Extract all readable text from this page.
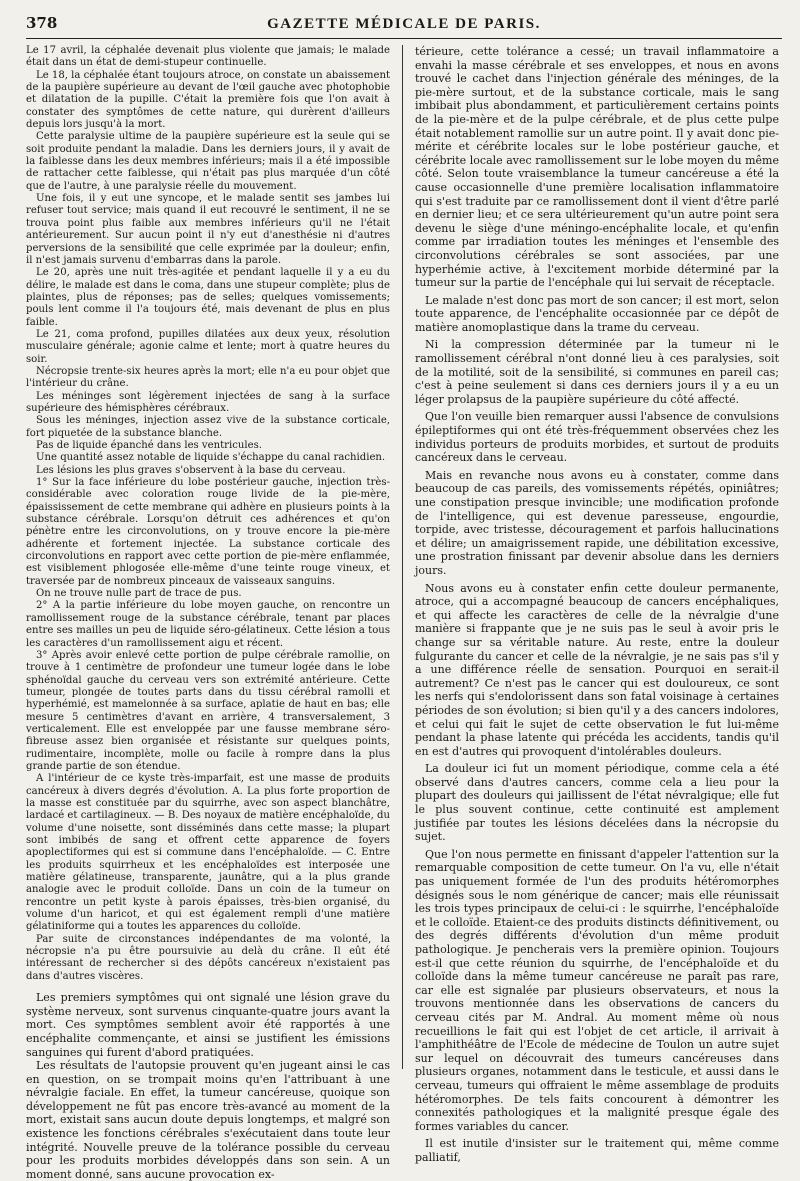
378	GAZETTE MÉDICALE DE PARIS.

Le 17 avril, la céphalée devenait plus violente que jamais; le malade était dans un état de demi-stupeur continuelle.

Le 18, la céphalée étant toujours atroce, on constate un abaissement de la paupière supérieure au devant de l'œil gauche avec photophobie et dilatation de la pupille. C'était la première fois que l'on avait à constater des symptômes de cette nature, qui durèrent d'ailleurs depuis lors jusqu'à la mort.

Cette paralysie ultime de la paupière supérieure est la seule qui se soit produite pendant la maladie. Dans les derniers jours, il y avait de la faiblesse dans les deux membres inférieurs; mais il a été impossible de rattacher cette faiblesse, qui n'était pas plus marquée d'un côté que de l'autre, à une paralysie réelle du mouvement.

Une fois, il y eut une syncope, et le malade sentit ses jambes lui refuser tout service; mais quand il eut recouvré le sentiment, il ne se trouva point plus faible aux membres inférieurs qu'il ne l'était antérieurement. Sur aucun point il n'y eut d'anesthésie ni d'autres perversions de la sensibilité que celle exprimée par la douleur; enfin, il n'est jamais survenu d'embarras dans la parole.

Le 20, après une nuit très-agitée et pendant laquelle il y a eu du délire, le malade est dans le coma, dans une stupeur complète; plus de plaintes, plus de réponses; pas de selles; quelques vomissements; pouls lent comme il l'a toujours été, mais devenant de plus en plus faible.

Le 21, coma profond, pupilles dilatées aux deux yeux, résolution musculaire générale; agonie calme et lente; mort à quatre heures du soir.

Nécropsie trente-six heures après la mort; elle n'a eu pour objet que l'intérieur du crâne.

Les méninges sont légèrement injectées de sang à la surface supérieure des hémisphères cérébraux.

Sous les méninges, injection assez vive de la substance corticale, fort piquetée de la substance blanche.

Pas de liquide épanché dans les ventricules.

Une quantité assez notable de liquide s'échappe du canal rachidien.

Les lésions les plus graves s'observent à la base du cerveau.

1° Sur la face inférieure du lobe postérieur gauche, injection très-considérable avec coloration rouge livide de la pie-mère, épaississement de cette membrane qui adhère en plusieurs points à la substance cérébrale. Lorsqu'on détruit ces adhérences et qu'on pénètre entre les circonvolutions, on y trouve encore la pie-mère adhérente et fortement injectée. La substance corticale des circonvolutions en rapport avec cette portion de pie-mère enflammée, est visiblement phlogosée elle-même d'une teinte rouge vineux, et traversée par de nombreux pinceaux de vaisseaux sanguins.

On ne trouve nulle part de trace de pus.

2° A la partie inférieure du lobe moyen gauche, on rencontre un ramollissement rouge de la substance cérébrale, tenant par places entre ses mailles un peu de liquide séro-gélatineux. Cette lésion a tous les caractères d'un ramollissement aigu et récent.

3° Après avoir enlevé cette portion de pulpe cérébrale ramollie, on trouve à 1 centimètre de profondeur une tumeur logée dans le lobe sphénoïdal gauche du cerveau vers son extrémité antérieure. Cette tumeur, plongée de toutes parts dans du tissu cérébral ramolli et hyperhémié, est mamelonnée à sa surface, aplatie de haut en bas; elle mesure 5 centimètres d'avant en arrière, 4 transversalement, 3 verticalement. Elle est enveloppée par une fausse membrane séro-fibreuse assez bien organisée et résistante sur quelques points, rudimentaire, incomplète, molle ou facile à rompre dans la plus grande partie de son étendue.

A l'intérieur de ce kyste très-imparfait, est une masse de produits cancéreux à divers degrés d'évolution. A. La plus forte proportion de la masse est constituée par du squirrhe, avec son aspect blanchâtre, lardacé et cartilagineux. — B. Des noyaux de matière encéphaloïde, du volume d'une noisette, sont disséminés dans cette masse; la plupart sont imbibés de sang et offrent cette apparence de foyers apoplectiformes qui est si commune dans l'encéphaloïde. — C. Entre les produits squirrheux et les encéphaloïdes est interposée une matière gélatineuse, transparente, jaunâtre, qui a la plus grande analogie avec le produit colloïde. Dans un coin de la tumeur on rencontre un petit kyste à parois épaisses, très-bien organisé, du volume d'un haricot, et qui est également rempli d'une matière gélatiniforme qui a toutes les apparences du colloïde.

Par suite de circonstances indépendantes de ma volonté, la nécropsie n'a pu être poursuivie au delà du crâne. Il eût été intéressant de rechercher si des dépôts cancéreux n'existaient pas dans d'autres viscères.

Les premiers symptômes qui ont signalé une lésion grave du système nerveux, sont survenus cinquante-quatre jours avant la mort. Ces symptômes semblent avoir été rapportés à une encéphalite commençante, et ainsi se justifient les émissions sanguines qui furent d'abord pratiquées.

Les résultats de l'autopsie prouvent qu'en jugeant ainsi le cas en question, on se trompait moins qu'en l'attribuant à une névralgie faciale. En effet, la tumeur cancéreuse, quoique son développement ne fût pas encore très-avancé au moment de la mort, existait sans aucun doute depuis longtemps, et malgré son existence les fonctions cérébrales s'exécutaient dans toute leur intégrité. Nouvelle preuve de la tolérance possible du cerveau pour les produits morbides développés dans son sein. A un moment donné, sans aucune provocation ex-

térieure, cette tolérance a cessé; un travail inflammatoire a envahi la masse cérébrale et ses enveloppes, et nous en avons trouvé le cachet dans l'injection générale des méninges, de la pie-mère surtout, et de la substance corticale, mais le sang imbibait plus abondamment, et particulièrement certains points de la pie-mère et de la pulpe cérébrale, et de plus cette pulpe était notablement ramollie sur un autre point. Il y avait donc pie-mérite et cérébrite locales sur le lobe postérieur gauche, et cérébrite locale avec ramollissement sur le lobe moyen du même côté. Selon toute vraisemblance la tumeur cancéreuse a été la cause occasionnelle d'une première localisation inflammatoire qui s'est traduite par ce ramollissement dont il vient d'être parlé en dernier lieu; et ce sera ultérieurement qu'un autre point sera devenu le siège d'une méningo-encéphalite locale, et qu'enfin comme par irradiation toutes les méninges et l'ensemble des circonvolutions cérébrales se sont associées, par une hyperhémie active, à l'excitement morbide déterminé par la tumeur sur la partie de l'encéphale qui lui servait de réceptacle.

Le malade n'est donc pas mort de son cancer; il est mort, selon toute apparence, de l'encéphalite occasionnée par ce dépôt de matière anomoplastique dans la trame du cerveau.

Ni la compression déterminée par la tumeur ni le ramollissement cérébral n'ont donné lieu à ces paralysies, soit de la motilité, soit de la sensibilité, si communes en pareil cas; c'est à peine seulement si dans ces derniers jours il y a eu un léger prolapsus de la paupière supérieure du côté affecté.

Que l'on veuille bien remarquer aussi l'absence de convulsions épileptiformes qui ont été très-fréquemment observées chez les individus porteurs de produits morbides, et surtout de produits cancéreux dans le cerveau.

Mais en revanche nous avons eu à constater, comme dans beaucoup de cas pareils, des vomissements répétés, opiniâtres; une constipation presque invincible; une modification profonde de l'intelligence, qui est devenue paresseuse, engourdie, torpide, avec tristesse, découragement et parfois hallucinations et délire; un amaigrissement rapide, une débilitation excessive, une prostration finissant par devenir absolue dans les derniers jours.

Nous avons eu à constater enfin cette douleur permanente, atroce, qui a accompagné beaucoup de cancers encéphaliques, et qui affecte les caractères de celle de la névralgie d'une manière si frappante que je ne suis pas le seul à avoir pris le change sur sa véritable nature. Au reste, entre la douleur fulgurante du cancer et celle de la névralgie, je ne sais pas s'il y a une différence réelle de sensation. Pourquoi en serait-il autrement? Ce n'est pas le cancer qui est douloureux, ce sont les nerfs qui s'endolorissent dans son fatal voisinage à certaines périodes de son évolution; si bien qu'il y a des cancers indolores, et celui qui fait le sujet de cette observation le fut lui-même pendant la phase latente qui précéda les accidents, tandis qu'il en est d'autres qui provoquent d'intolérables douleurs.

La douleur ici fut un moment périodique, comme cela a été observé dans d'autres cancers, comme cela a lieu pour la plupart des douleurs qui jaillissent de l'état névralgique; elle fut le plus souvent continue, cette continuité est amplement justifiée par toutes les lésions décelées dans la nécropsie du sujet.

Que l'on nous permette en finissant d'appeler l'attention sur la remarquable composition de cette tumeur. On l'a vu, elle n'était pas uniquement formée de l'un des produits hétéromorphes désignés sous le nom générique de cancer; mais elle réunissait les trois types principaux de celui-ci : le squirrhe, l'encéphaloïde et le colloïde. Etaient-ce des produits distincts définitivement, ou des degrés différents d'évolution d'un même produit pathologique. Je pencherais vers la première opinion. Toujours est-il que cette réunion du squirrhe, de l'encéphaloïde et du colloïde dans la même tumeur cancéreuse ne paraît pas rare, car elle est signalée par plusieurs observateurs, et nous la trouvons mentionnée dans les observations de cancers du cerveau cités par M. Andral. Au moment même où nous recueillions le fait qui est l'objet de cet article, il arrivait à l'amphithéâtre de l'Ecole de médecine de Toulon un autre sujet sur lequel on découvrait des tumeurs cancéreuses dans plusieurs organes, notamment dans le testicule, et aussi dans le cerveau, tumeurs qui offraient le même assemblage de produits hétéromorphes. De tels faits concourent à démontrer les connexités pathologiques et la malignité presque égale des formes variables du cancer.

Il est inutile d'insister sur le traitement qui, même comme palliatif,
